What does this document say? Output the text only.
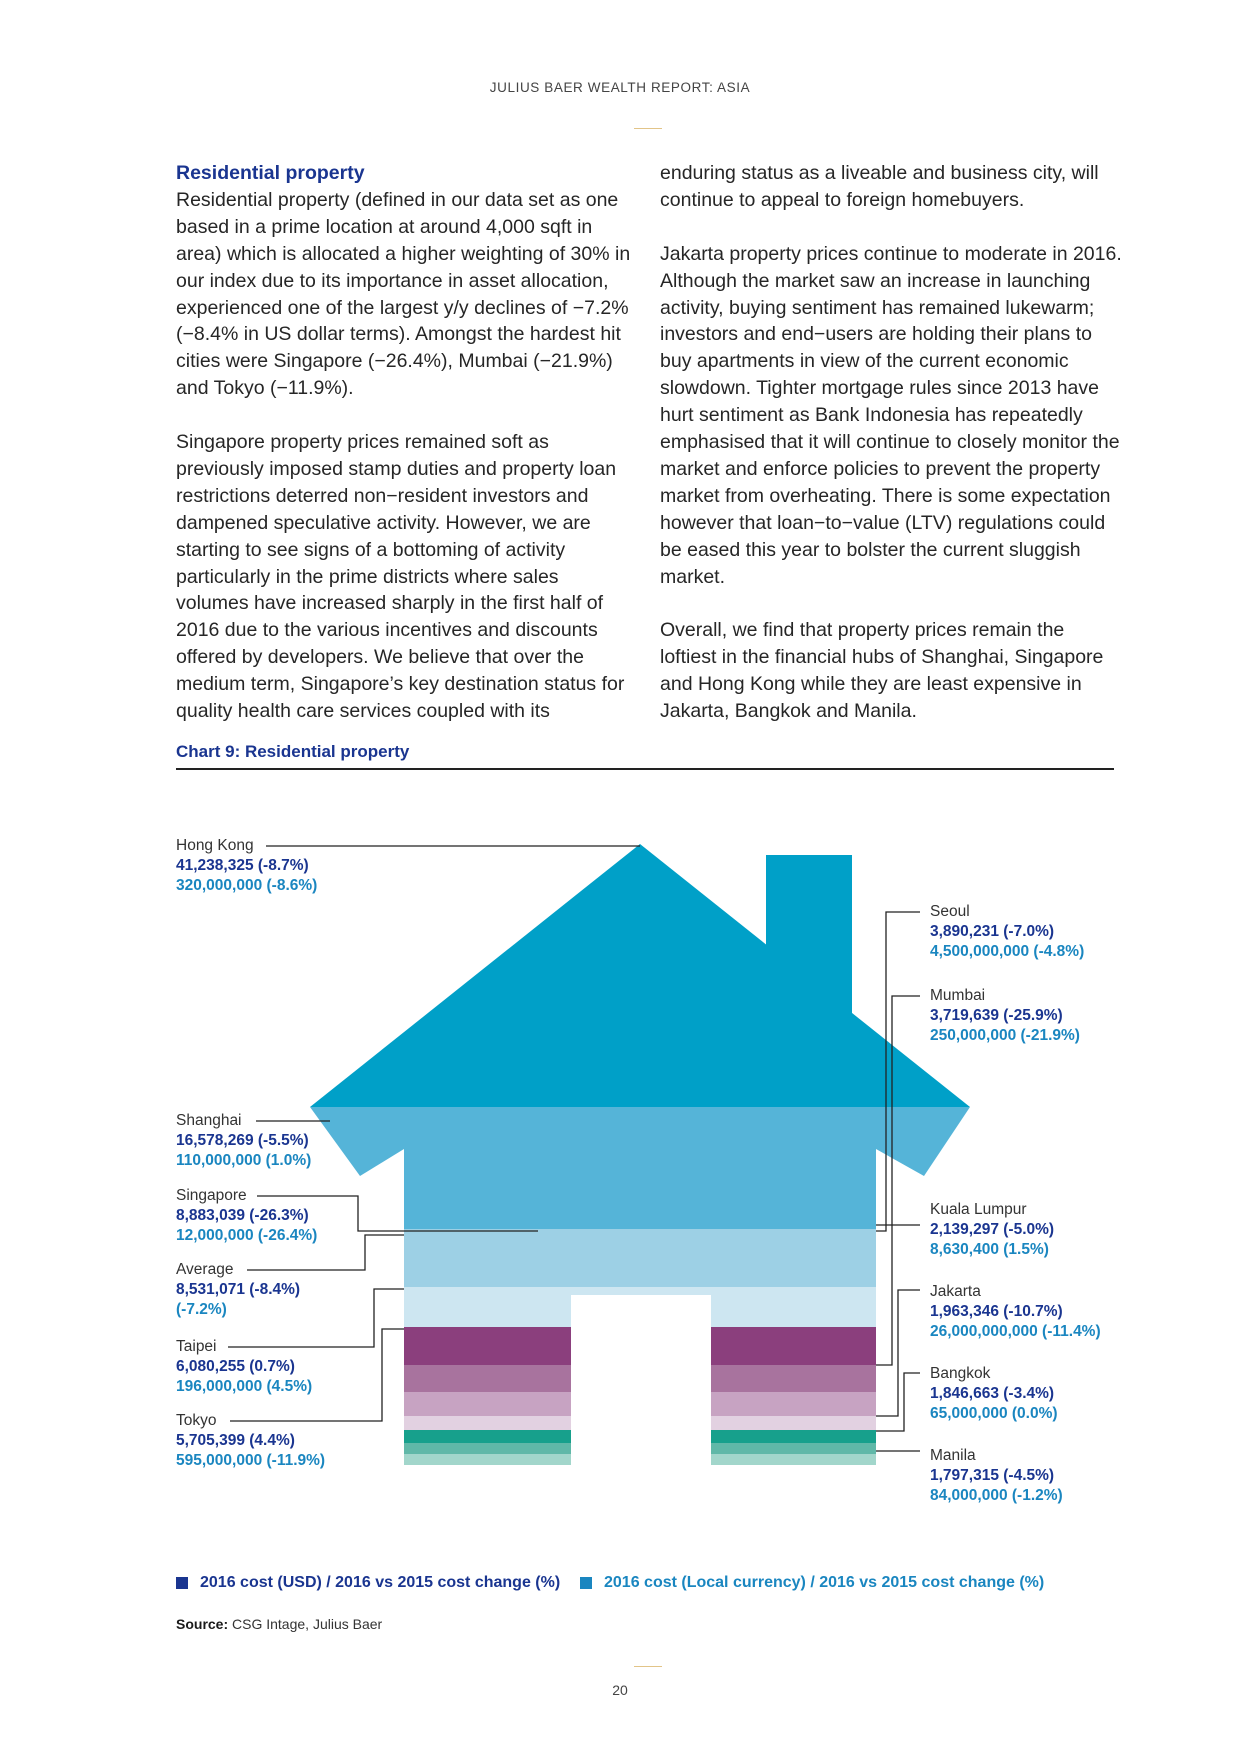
JULIUS BAER WEALTH REPORT: ASIA
Residential property

Residential property (defined in our data set as one based in a prime location at around 4,000 sqft in area) which is allocated a higher weighting of 30% in our index due to its importance in asset allocation, experienced one of the largest y/y declines of −7.2% (−8.4% in US dollar terms). Amongst the hardest hit cities were Singapore (−26.4%), Mumbai (−21.9%) and Tokyo (−11.9%).

Singapore property prices remained soft as previously imposed stamp duties and property loan restrictions deterred non−resident investors and dampened speculative activity. However, we are starting to see signs of a bottoming of activity particularly in the prime districts where sales volumes have increased sharply in the first half of 2016 due to the various incentives and discounts offered by developers. We believe that over the medium term, Singapore’s key destination status for quality health care services coupled with its

enduring status as a liveable and business city, will continue to appeal to foreign homebuyers.

Jakarta property prices continue to moderate in 2016. Although the market saw an increase in launching activity, buying sentiment has remained lukewarm; investors and end−users are holding their plans to buy apartments in view of the current economic slowdown. Tighter mortgage rules since 2013 have hurt sentiment as Bank Indonesia has repeatedly emphasised that it will continue to closely monitor the market and enforce policies to prevent the property market from overheating. There is some expectation however that loan−to−value (LTV) regulations could be eased this year to bolster the current sluggish market.

Overall, we find that property prices remain the loftiest in the financial hubs of Shanghai, Singapore and Hong Kong while they are least expensive in Jakarta, Bangkok and Manila.

Chart 9: Residential property
Hong Kong
41,238,325 (-8.7%)
320,000,000 (-8.6%)
Shanghai
16,578,269 (-5.5%)
110,000,000 (1.0%)
Singapore
8,883,039 (-26.3%)
12,000,000 (-26.4%)
Average
8,531,071 (-8.4%)
(-7.2%)
Taipei
6,080,255 (0.7%)
196,000,000 (4.5%)
Tokyo
5,705,399 (4.4%)
595,000,000 (-11.9%)
Seoul
3,890,231 (-7.0%)
4,500,000,000 (-4.8%)
Mumbai
3,719,639 (-25.9%)
250,000,000 (-21.9%)
Kuala Lumpur
2,139,297 (-5.0%)
8,630,400 (1.5%)
Jakarta
1,963,346 (-10.7%)
26,000,000,000 (-11.4%)
Bangkok
1,846,663 (-3.4%)
65,000,000 (0.0%)
Manila
1,797,315 (-4.5%)
84,000,000 (-1.2%)
2016 cost (USD) / 2016 vs 2015 cost change (%)	2016 cost (Local currency) / 2016 vs 2015 cost change (%)
Source: CSG Intage, Julius Baer
20
